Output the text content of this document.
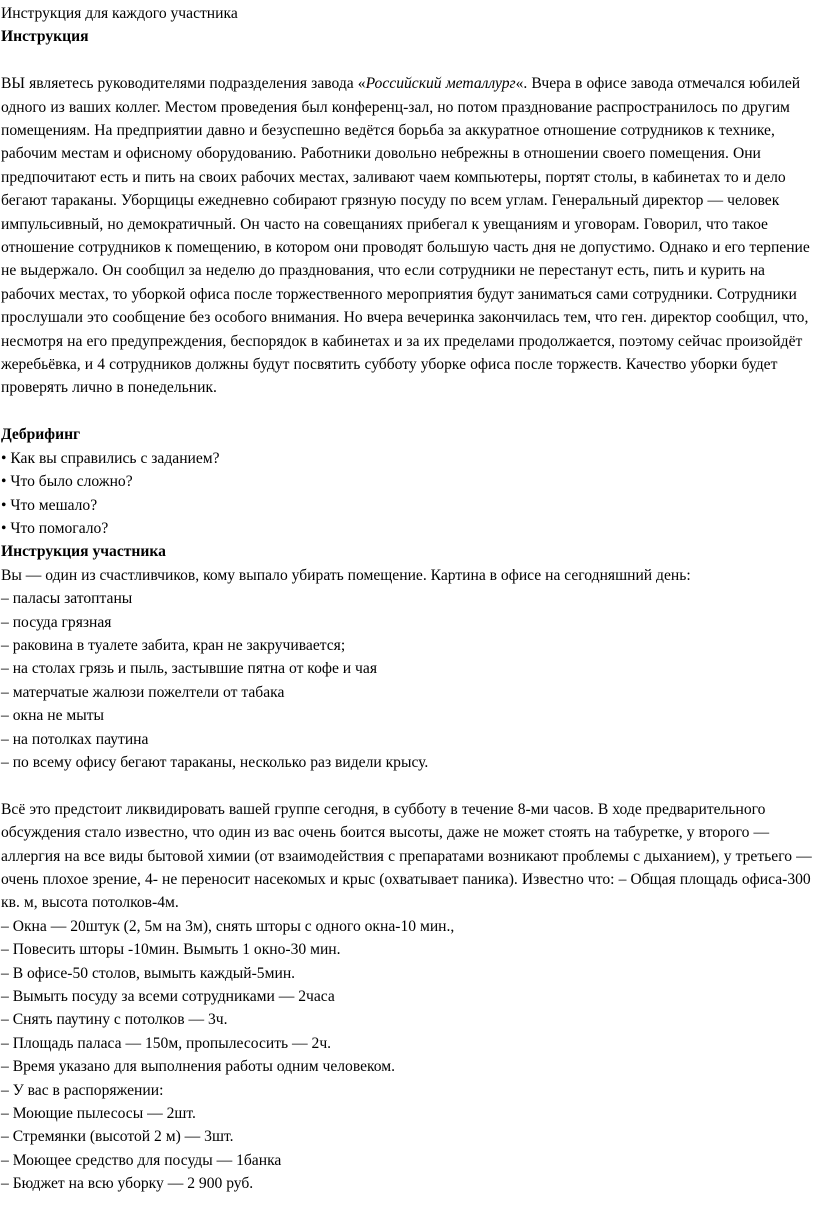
Инструкция для каждого участника
Инструкция
ВЫ являетесь руководителями подразделения завода «Российский металлург«. Вчера в офисе завода отмечался юбилей одного из ваших коллег. Местом проведения был конференц-зал, но потом празднование распространилось по другим помещениям. На предприятии давно и безуспешно ведётся борьба за аккуратное отношение сотрудников к технике, рабочим местам и офисному оборудованию. Работники довольно небрежны в отношении своего помещения. Они предпочитают есть и пить на своих рабочих местах, заливают чаем компьютеры, портят столы, в кабинетах то и дело бегают тараканы. Уборщицы ежедневно собирают грязную посуду по всем углам. Генеральный директор — человек импульсивный, но демократичный. Он часто на совещаниях прибегал к увещаниям и уговорам. Говорил, что такое отношение сотрудников к помещению, в котором они проводят большую часть дня не допустимо. Однако и его терпение не выдержало. Он сообщил за неделю до празднования, что если сотрудники не перестанут есть, пить и курить на рабочих местах, то уборкой офиса после торжественного мероприятия будут заниматься сами сотрудники. Сотрудники прослушали это сообщение без особого внимания. Но вчера вечеринка закончилась тем, что ген. директор сообщил, что, несмотря на его предупреждения, беспорядок в кабинетах и за их пределами продолжается, поэтому сейчас произойдёт жеребьёвка, и 4 сотрудников должны будут посвятить субботу уборке офиса после торжеств. Качество уборки будет проверять лично в понедельник.
Дебрифинг
• Как вы справились с заданием?
• Что было сложно?
• Что мешало?
• Что помогало?
Инструкция участника
Вы — один из счастливчиков, кому выпало убирать помещение. Картина в офисе на сегодняшний день:
– паласы затоптаны
– посуда грязная
– раковина в туалете забита, кран не закручивается;
– на столах грязь и пыль, застывшие пятна от кофе и чая
– матерчатые жалюзи пожелтели от табака
– окна не мыты
– на потолках паутина
– по всему офису бегают тараканы, несколько раз видели крысу.
Всё это предстоит ликвидировать вашей группе сегодня, в субботу в течение 8-ми часов. В ходе предварительного обсуждения стало известно, что один из вас очень боится высоты, даже не может стоять на табуретке, у второго — аллергия на все виды бытовой химии (от взаимодействия с препаратами возникают проблемы с дыханием), у третьего — очень плохое зрение, 4- не переносит насекомых и крыс (охватывает паника). Известно что: – Общая площадь офиса-300 кв. м, высота потолков-4м.
– Окна — 20штук (2, 5м на 3м), снять шторы с одного окна-10 мин.,
– Повесить шторы -10мин. Вымыть 1 окно-30 мин.
– В офисе-50 столов, вымыть каждый-5мин.
– Вымыть посуду за всеми сотрудниками — 2часа
– Снять паутину с потолков — 3ч.
– Площадь паласа — 150м, пропылесосить — 2ч.
– Время указано для выполнения работы одним человеком.
– У вас в распоряжении:
– Моющие пылесосы — 2шт.
– Стремянки (высотой 2 м) — 3шт.
– Моющее средство для посуды — 1банка
– Бюджет на всю уборку — 2 900 руб.
